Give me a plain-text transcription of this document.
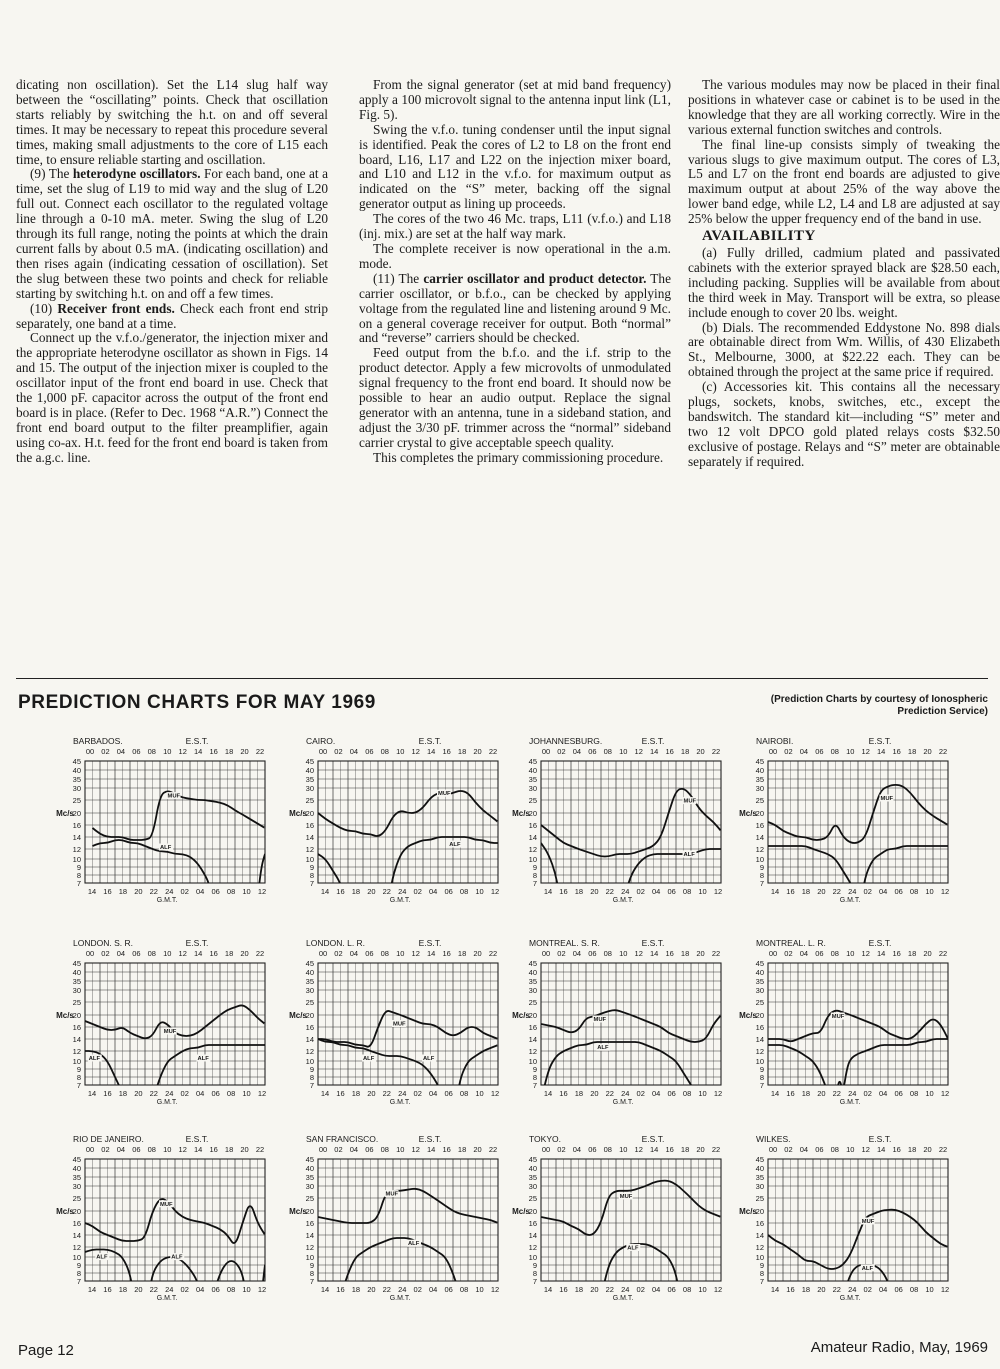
dicating non oscillation). Set the L14 slug half way between the “oscillating” points. Check that oscillation starts reliably by switching the h.t. on and off several times. It may be necessary to repeat this procedure several times, making small adjustments to the core of L15 each time, to ensure reliable starting and oscillation.

(9) The heterodyne oscillators. For each band, one at a time, set the slug of L19 to mid way and the slug of L20 full out. Connect each oscillator to the regulated voltage line through a 0-10 mA. meter. Swing the slug of L20 through its full range, noting the points at which the drain current falls by about 0.5 mA. (indicating oscillation) and then rises again (indicating cessation of oscillation). Set the slug between these two points and check for reliable starting by switching h.t. on and off a few times.

(10) Receiver front ends. Check each front end strip separately, one band at a time.

Connect up the v.f.o./generator, the injection mixer and the appropriate heterodyne oscillator as shown in Figs. 14 and 15. The output of the injection mixer is coupled to the oscillator input of the front end board in use. Check that the 1,000 pF. capacitor across the output of the front end board is in place. (Refer to Dec. 1968 “A.R.”) Connect the front end board output to the filter preamplifier, again using co-ax. H.t. feed for the front end board is taken from the a.g.c. line.

From the signal generator (set at mid band frequency) apply a 100 microvolt signal to the antenna input link (L1, Fig. 5).

Swing the v.f.o. tuning condenser until the input signal is identified. Peak the cores of L2 to L8 on the front end board, L16, L17 and L22 on the injection mixer board, and L10 and L12 in the v.f.o. for maximum output as indicated on the “S” meter, backing off the signal generator output as lining up proceeds.

The cores of the two 46 Mc. traps, L11 (v.f.o.) and L18 (inj. mix.) are set at the half way mark.

The complete receiver is now operational in the a.m. mode.

(11) The carrier oscillator and product detector. The carrier oscillator, or b.f.o., can be checked by applying voltage from the regulated line and listening around 9 Mc. on a general coverage receiver for output. Both “normal” and “reverse” carriers should be checked.

Feed output from the b.f.o. and the i.f. strip to the product detector. Apply a few microvolts of unmodulated signal frequency to the front end board. It should now be possible to hear an audio output. Replace the signal generator with an antenna, tune in a sideband station, and adjust the 3/30 pF. trimmer across the “normal” sideband carrier crystal to give acceptable speech quality.

This completes the primary commissioning procedure.

The various modules may now be placed in their final positions in whatever case or cabinet is to be used in the knowledge that they are all working correctly. Wire in the various external function switches and controls.

The final line-up consists simply of tweaking the various slugs to give maximum output. The cores of L3, L5 and L7 on the front end boards are adjusted to give maximum output at about 25% of the way above the lower band edge, while L2, L4 and L8 are adjusted at say 25% below the upper frequency end of the band in use.

AVAILABILITY

(a) Fully drilled, cadmium plated and passivated cabinets with the exterior sprayed black are $28.50 each, including packing. Supplies will be available from about the third week in May. Transport will be extra, so please include enough to cover 20 lbs. weight.

(b) Dials. The recommended Eddystone No. 898 dials are obtainable direct from Wm. Willis, of 430 Elizabeth St., Melbourne, 3000, at $22.22 each. They can be obtained through the project at the same price if required.

(c) Accessories kit. This contains all the necessary plugs, sockets, knobs, switches, etc., except the bandswitch. The standard kit—including “S” meter and two 12 volt DPCO gold plated relays costs $32.50 exclusive of postage. Relays and “S” meter are obtainable separately if required.

PREDICTION CHARTS FOR MAY 1969	(Prediction Charts by courtesy of Ionospheric Prediction Service)
BARBADOS.	E.S.T.
00 02 04 06 08 10 12 14 16 18 20 22
7
8
9
10
12
14
16
20
25
30
35
40
45
Mc/s
14 16 18 20 22 24 02 04 06 08 10 12
G.M.T.
MUF
ALF
CAIRO.	E.S.T.
00 02 04 06 08 10 12 14 16 18 20 22
7
8
9
10
12
14
16
20
25
30
35
40
45
Mc/s
14 16 18 20 22 24 02 04 06 08 10 12
G.M.T.
MUF
ALF
JOHANNESBURG.	E.S.T.
00 02 04 06 08 10 12 14 16 18 20 22
7
8
9
10
12
14
16
20
25
30
35
40
45
Mc/s
14 16 18 20 22 24 02 04 06 08 10 12
G.M.T.
MUF
ALF
NAIROBI.	E.S.T.
00 02 04 06 08 10 12 14 16 18 20 22
7
8
9
10
12
14
16
20
25
30
35
40
45
Mc/s
14 16 18 20 22 24 02 04 06 08 10 12
G.M.T.
MUF
LONDON. S. R.	E.S.T.
00 02 04 06 08 10 12 14 16 18 20 22
7
8
9
10
12
14
16
20
25
30
35
40
45
Mc/s
14 16 18 20 22 24 02 04 06 08 10 12
G.M.T.
MUF
ALF	ALF
LONDON. L. R.	E.S.T.
00 02 04 06 08 10 12 14 16 18 20 22
7
8
9
10
12
14
16
20
25
30
35
40
45
Mc/s
14 16 18 20 22 24 02 04 06 08 10 12
G.M.T.
MUF
ALF	ALF
MONTREAL. S. R.	E.S.T.
00 02 04 06 08 10 12 14 16 18 20 22
7
8
9
10
12
14
16
20
25
30
35
40
45
Mc/s
14 16 18 20 22 24 02 04 06 08 10 12
G.M.T.
MUF
ALF
MONTREAL. L. R.	E.S.T.
00 02 04 06 08 10 12 14 16 18 20 22
7
8
9
10
12
14
16
20
25
30
35
40
45
Mc/s
14 16 18 20 22 24 02 04 06 08 10 12
G.M.T.
MUF
RIO DE JANEIRO.	E.S.T.
00 02 04 06 08 10 12 14 16 18 20 22
7
8
9
10
12
14
16
20
25
30
35
40
45
Mc/s
14 16 18 20 22 24 02 04 06 08 10 12
G.M.T.
MUF
ALF	ALF
SAN FRANCISCO.	E.S.T.
00 02 04 06 08 10 12 14 16 18 20 22
7
8
9
10
12
14
16
20
25
30
35
40
45
Mc/s
14 16 18 20 22 24 02 04 06 08 10 12
G.M.T.
MUF
ALF
TOKYO.	E.S.T.
00 02 04 06 08 10 12 14 16 18 20 22
7
8
9
10
12
14
16
20
25
30
35
40
45
Mc/s
14 16 18 20 22 24 02 04 06 08 10 12
G.M.T.
MUF
ALF
WILKES.	E.S.T.
00 02 04 06 08 10 12 14 16 18 20 22
7
8
9
10
12
14
16
20
25
30
35
40
45
Mc/s
14 16 18 20 22 24 02 04 06 08 10 12
G.M.T.
MUF
ALF
Page 12	Amateur Radio, May, 1969
